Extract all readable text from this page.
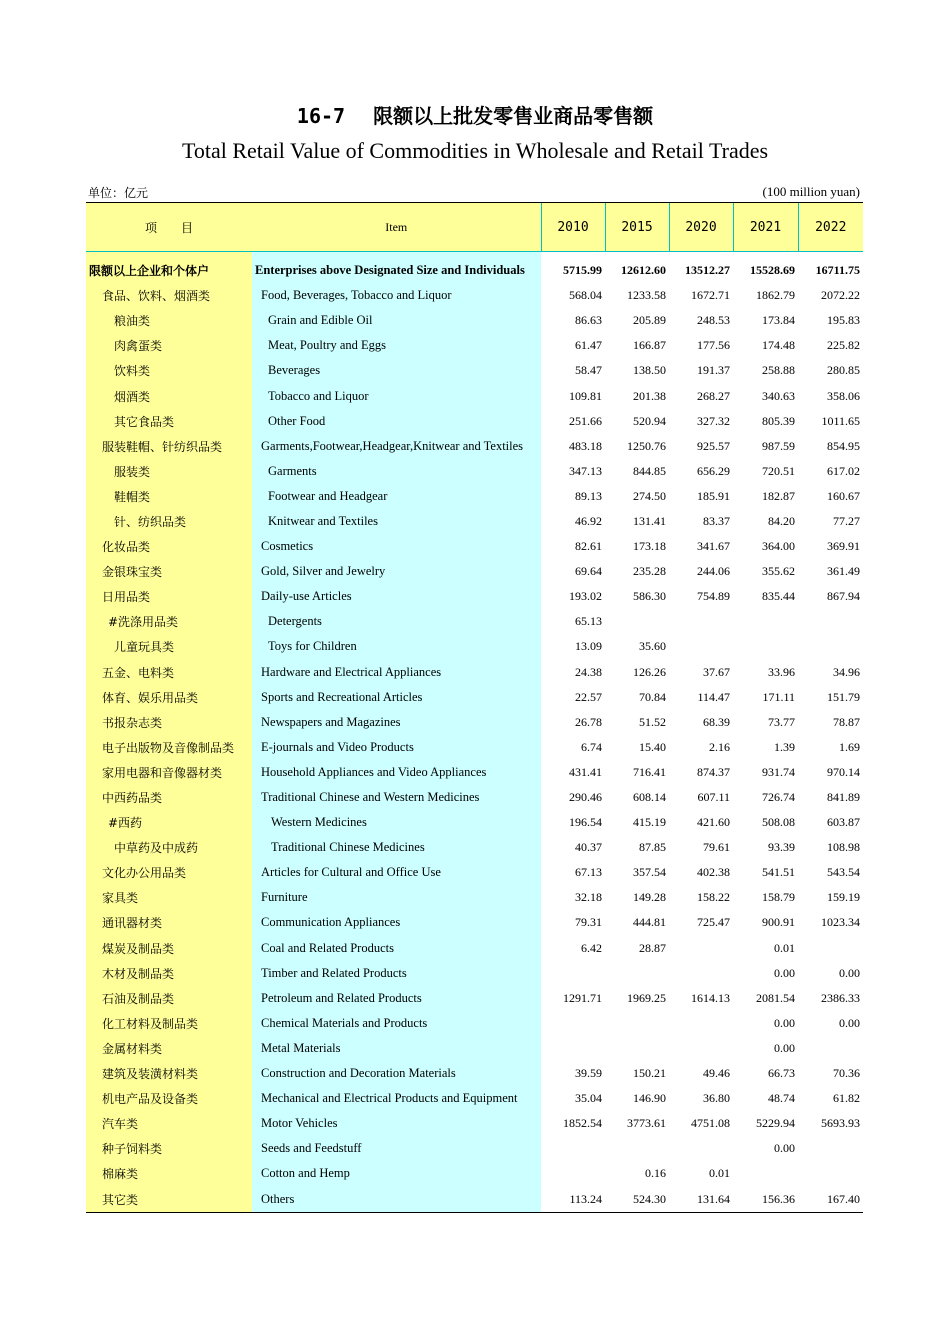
16-7 限额以上批发零售业商品零售额
Total Retail Value of Commodities in Wholesale and Retail Trades
单位：亿元	(100 million yuan)
项　　目	Item	2010	2015	2020	2021	2022

限额以上企业和个体户	Enterprises above Designated Size and Individuals	5715.99	12612.60	13512.27	15528.69	16711.75
食品、饮料、烟酒类	Food, Beverages, Tobacco and Liquor	568.04	1233.58	1672.71	1862.79	2072.22
粮油类	Grain and Edible Oil	86.63	205.89	248.53	173.84	195.83
肉禽蛋类	Meat, Poultry and Eggs	61.47	166.87	177.56	174.48	225.82
饮料类	Beverages	58.47	138.50	191.37	258.88	280.85
烟酒类	Tobacco and Liquor	109.81	201.38	268.27	340.63	358.06
其它食品类	Other Food	251.66	520.94	327.32	805.39	1011.65
服装鞋帽、针纺织品类	Garments,Footwear,Headgear,Knitwear and Textiles	483.18	1250.76	925.57	987.59	854.95
服装类	Garments	347.13	844.85	656.29	720.51	617.02
鞋帽类	Footwear and Headgear	89.13	274.50	185.91	182.87	160.67
针、纺织品类	Knitwear and Textiles	46.92	131.41	83.37	84.20	77.27
化妆品类	Cosmetics	82.61	173.18	341.67	364.00	369.91
金银珠宝类	Gold, Silver and Jewelry	69.64	235.28	244.06	355.62	361.49
日用品类	Daily-use Articles	193.02	586.30	754.89	835.44	867.94
#洗涤用品类	Detergents	65.13				
儿童玩具类	Toys for Children	13.09	35.60			
五金、电料类	Hardware and Electrical Appliances	24.38	126.26	37.67	33.96	34.96
体育、娱乐用品类	Sports and Recreational Articles	22.57	70.84	114.47	171.11	151.79
书报杂志类	Newspapers and Magazines	26.78	51.52	68.39	73.77	78.87
电子出版物及音像制品类	E-journals and Video Products	6.74	15.40	2.16	1.39	1.69
家用电器和音像器材类	Household Appliances and Video Appliances	431.41	716.41	874.37	931.74	970.14
中西药品类	Traditional Chinese and Western Medicines	290.46	608.14	607.11	726.74	841.89
#西药	Western Medicines	196.54	415.19	421.60	508.08	603.87
中草药及中成药	Traditional Chinese Medicines	40.37	87.85	79.61	93.39	108.98
文化办公用品类	Articles for Cultural and Office Use	67.13	357.54	402.38	541.51	543.54
家具类	Furniture	32.18	149.28	158.22	158.79	159.19
通讯器材类	Communication Appliances	79.31	444.81	725.47	900.91	1023.34
煤炭及制品类	Coal and Related Products	6.42	28.87		0.01	
木材及制品类	Timber and Related Products				0.00	0.00
石油及制品类	Petroleum and Related Products	1291.71	1969.25	1614.13	2081.54	2386.33
化工材料及制品类	Chemical Materials and Products				0.00	0.00
金属材料类	Metal Materials				0.00	
建筑及装潢材料类	Construction and Decoration Materials	39.59	150.21	49.46	66.73	70.36
机电产品及设备类	Mechanical and Electrical Products and Equipment	35.04	146.90	36.80	48.74	61.82
汽车类	Motor Vehicles	1852.54	3773.61	4751.08	5229.94	5693.93
种子饲料类	Seeds and Feedstuff				0.00	
棉麻类	Cotton and Hemp		0.16	0.01		
其它类	Others	113.24	524.30	131.64	156.36	167.40
